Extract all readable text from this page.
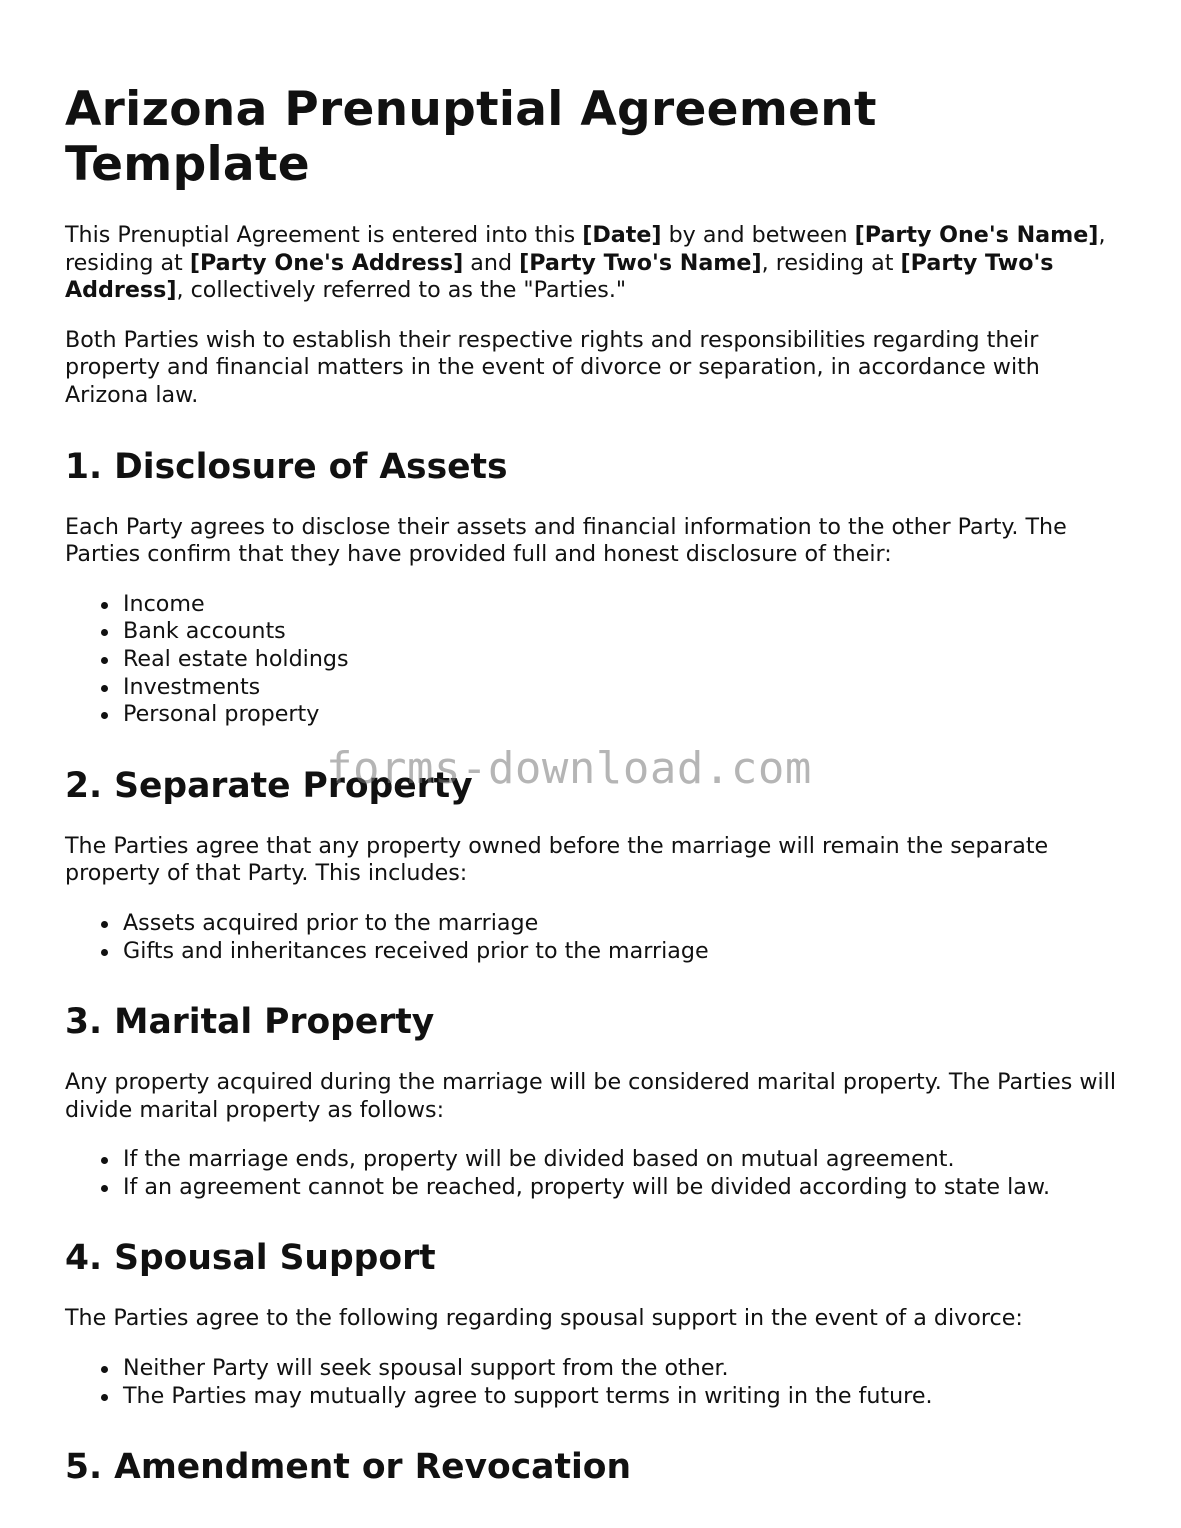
Arizona Prenuptial Agreement Template

This Prenuptial Agreement is entered into this [Date] by and between [Party One's Name], residing at [Party One's Address] and [Party Two's Name], residing at [Party Two's Address], collectively referred to as the "Parties."

Both Parties wish to establish their respective rights and responsibilities regarding their property and financial matters in the event of divorce or separation, in accordance with Arizona law.

1. Disclosure of Assets

Each Party agrees to disclose their assets and financial information to the other Party. The Parties confirm that they have provided full and honest disclosure of their:

Income
Bank accounts
Real estate holdings
Investments
Personal property
2. Separate Property

The Parties agree that any property owned before the marriage will remain the separate property of that Party. This includes:

Assets acquired prior to the marriage
Gifts and inheritances received prior to the marriage
3. Marital Property

Any property acquired during the marriage will be considered marital property. The Parties will divide marital property as follows:

If the marriage ends, property will be divided based on mutual agreement.
If an agreement cannot be reached, property will be divided according to state law.
4. Spousal Support

The Parties agree to the following regarding spousal support in the event of a divorce:

Neither Party will seek spousal support from the other.
The Parties may mutually agree to support terms in writing in the future.
5. Amendment or Revocation
forms-download.com
